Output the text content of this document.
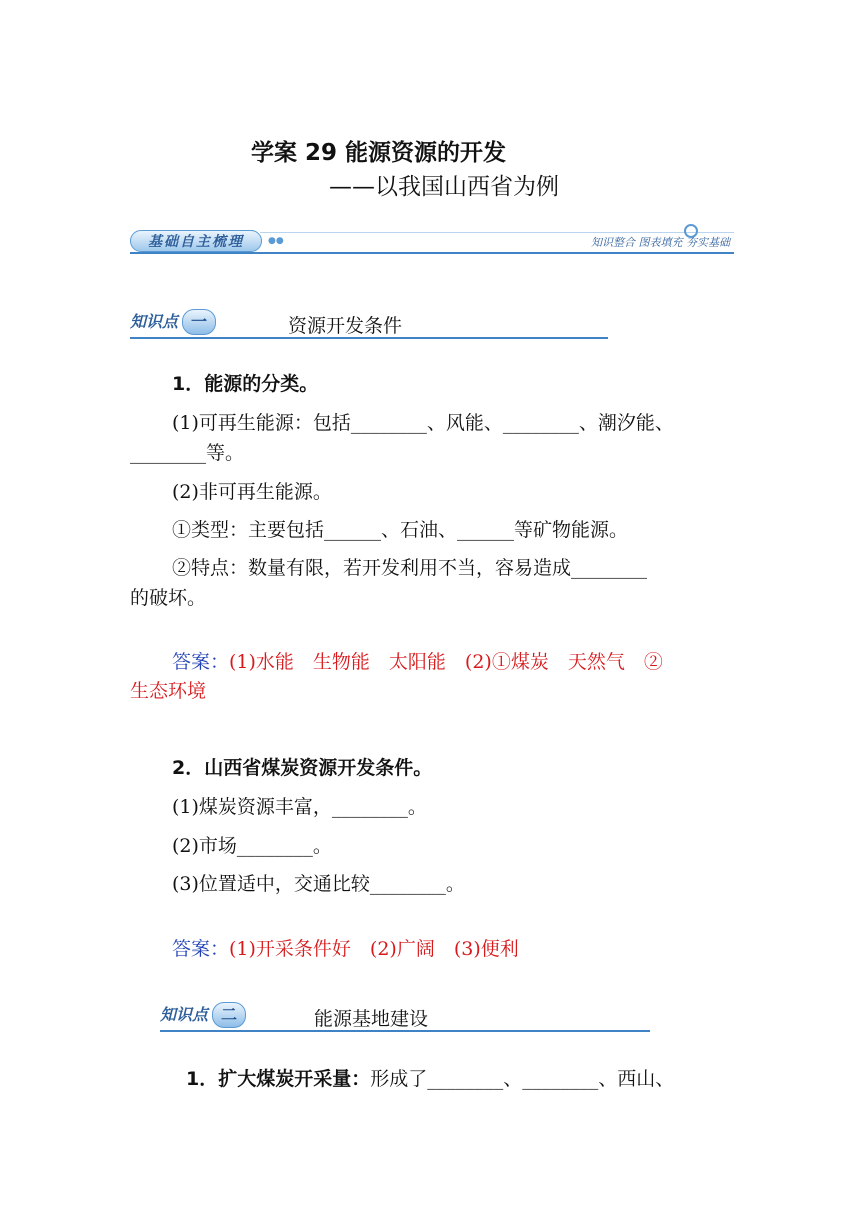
学案 29 能源资源的开发
——以我国山西省为例
基础自主梳理	●●	知识整合 图表填充 夯实基础
知识点 一	资源开发条件
1．能源的分类。
(1)可再生能源：包括________、风能、________、潮汐能、
________等。
(2)非可再生能源。
①类型：主要包括______、石油、______等矿物能源。
②特点：数量有限，若开发利用不当，容易造成________
的破坏。
答案：(1)水能　生物能　太阳能　(2)①煤炭　天然气　②
生态环境
2．山西省煤炭资源开发条件。
(1)煤炭资源丰富，________。
(2)市场________。
(3)位置适中，交通比较________。
答案：(1)开采条件好　(2)广阔　(3)便利
知识点 二	能源基地建设
1．扩大煤炭开采量：形成了________、________、西山、
